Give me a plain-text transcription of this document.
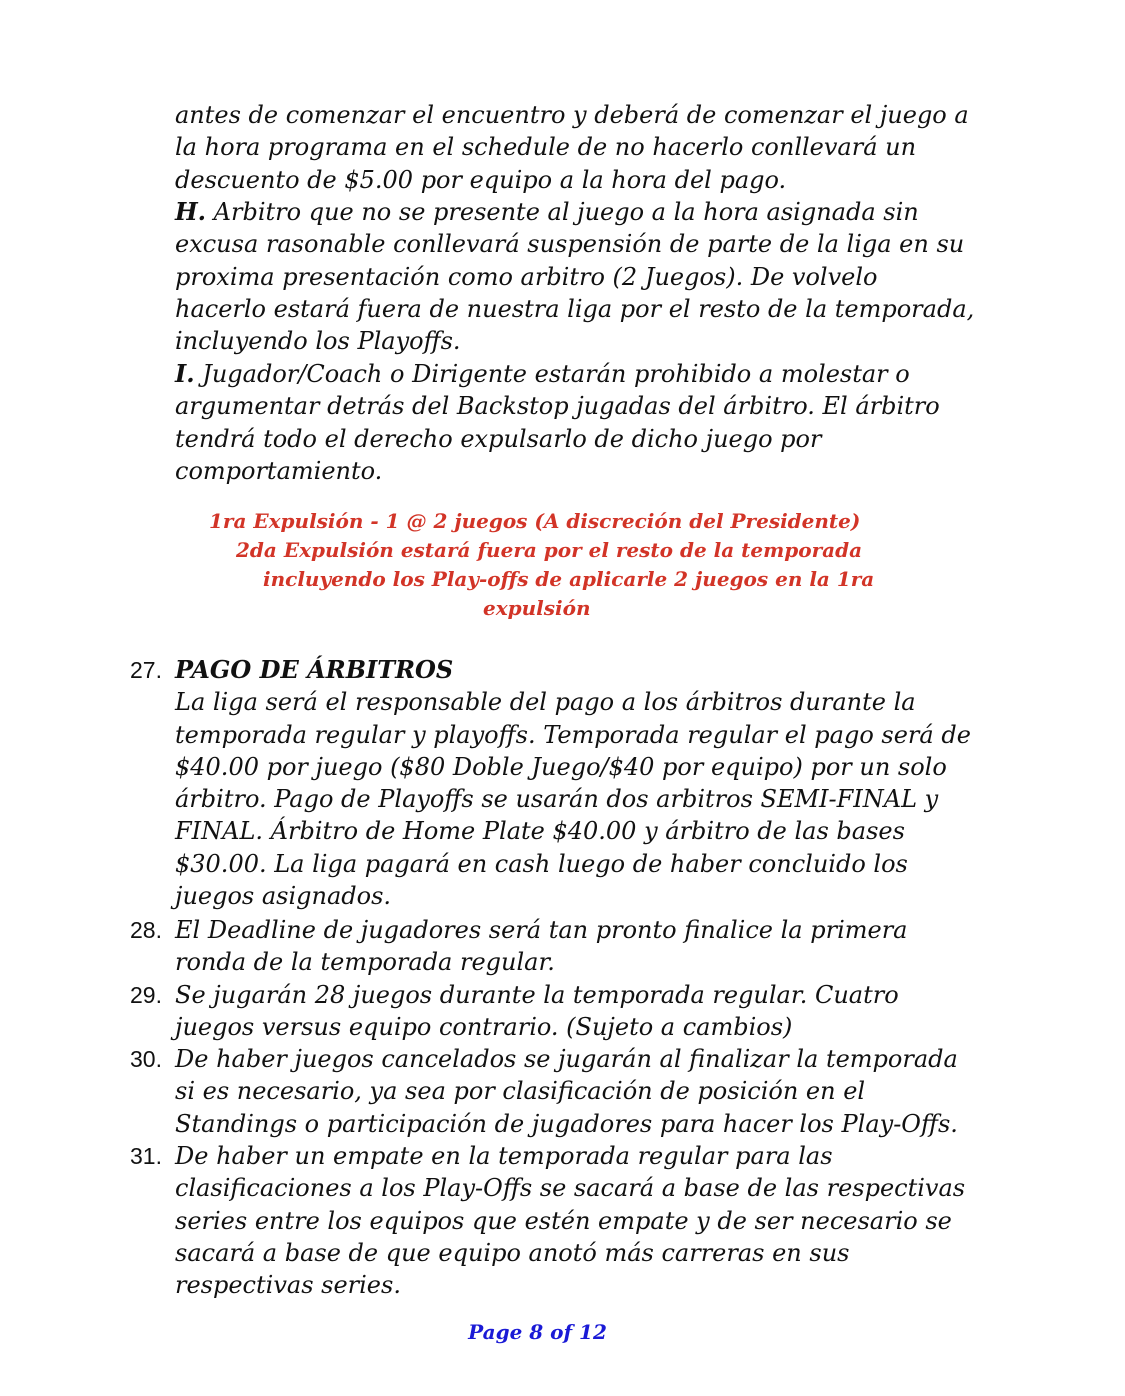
antes de comenzar el encuentro y deberá de comenzar el juego a la hora programa en el schedule de no hacerlo conllevará un descuento de $5.00 por equipo a la hora del pago.

H. Arbitro que no se presente al juego a la hora asignada sin excusa rasonable conllevará suspensión de parte de la liga en su proxima presentación como arbitro (2 Juegos). De volvelo hacerlo estará fuera de nuestra liga por el resto de la temporada, incluyendo los Playoffs.

I. Jugador/Coach o Dirigente estarán prohibido a molestar o argumentar detrás del Backstop jugadas del árbitro. El árbitro tendrá todo el derecho expulsarlo de dicho juego por comportamiento.

1ra Expulsión - 1 @ 2 juegos (A discreción del Presidente)

2da Expulsión estará fuera por el resto de la temporada

incluyendo los Play-offs de aplicarle 2 juegos en la 1ra

expulsión

27. PAGO DE ÁRBITROS
La liga será el responsable del pago a los árbitros durante la temporada regular y playoffs. Temporada regular el pago será de $40.00 por juego ($80 Doble Juego/$40 por equipo) por un solo árbitro. Pago de Playoffs se usarán dos arbitros SEMI-FINAL y FINAL. Árbitro de Home Plate $40.00 y árbitro de las bases $30.00. La liga pagará en cash luego de haber concluido los juegos asignados.
28. El Deadline de jugadores será tan pronto finalice la primera ronda de la temporada regular.
29. Se jugarán 28 juegos durante la temporada regular. Cuatro juegos versus equipo contrario. (Sujeto a cambios)
30. De haber juegos cancelados se jugarán al finalizar la temporada si es necesario, ya sea por clasificación de posición en el Standings o participación de jugadores para hacer los Play-Offs.
31. De haber un empate en la temporada regular para las clasificaciones a los Play-Offs se sacará a base de las respectivas series entre los equipos que estén empate y de ser necesario se sacará a base de que equipo anotó más carreras en sus respectivas series.

Page 8 of 12
